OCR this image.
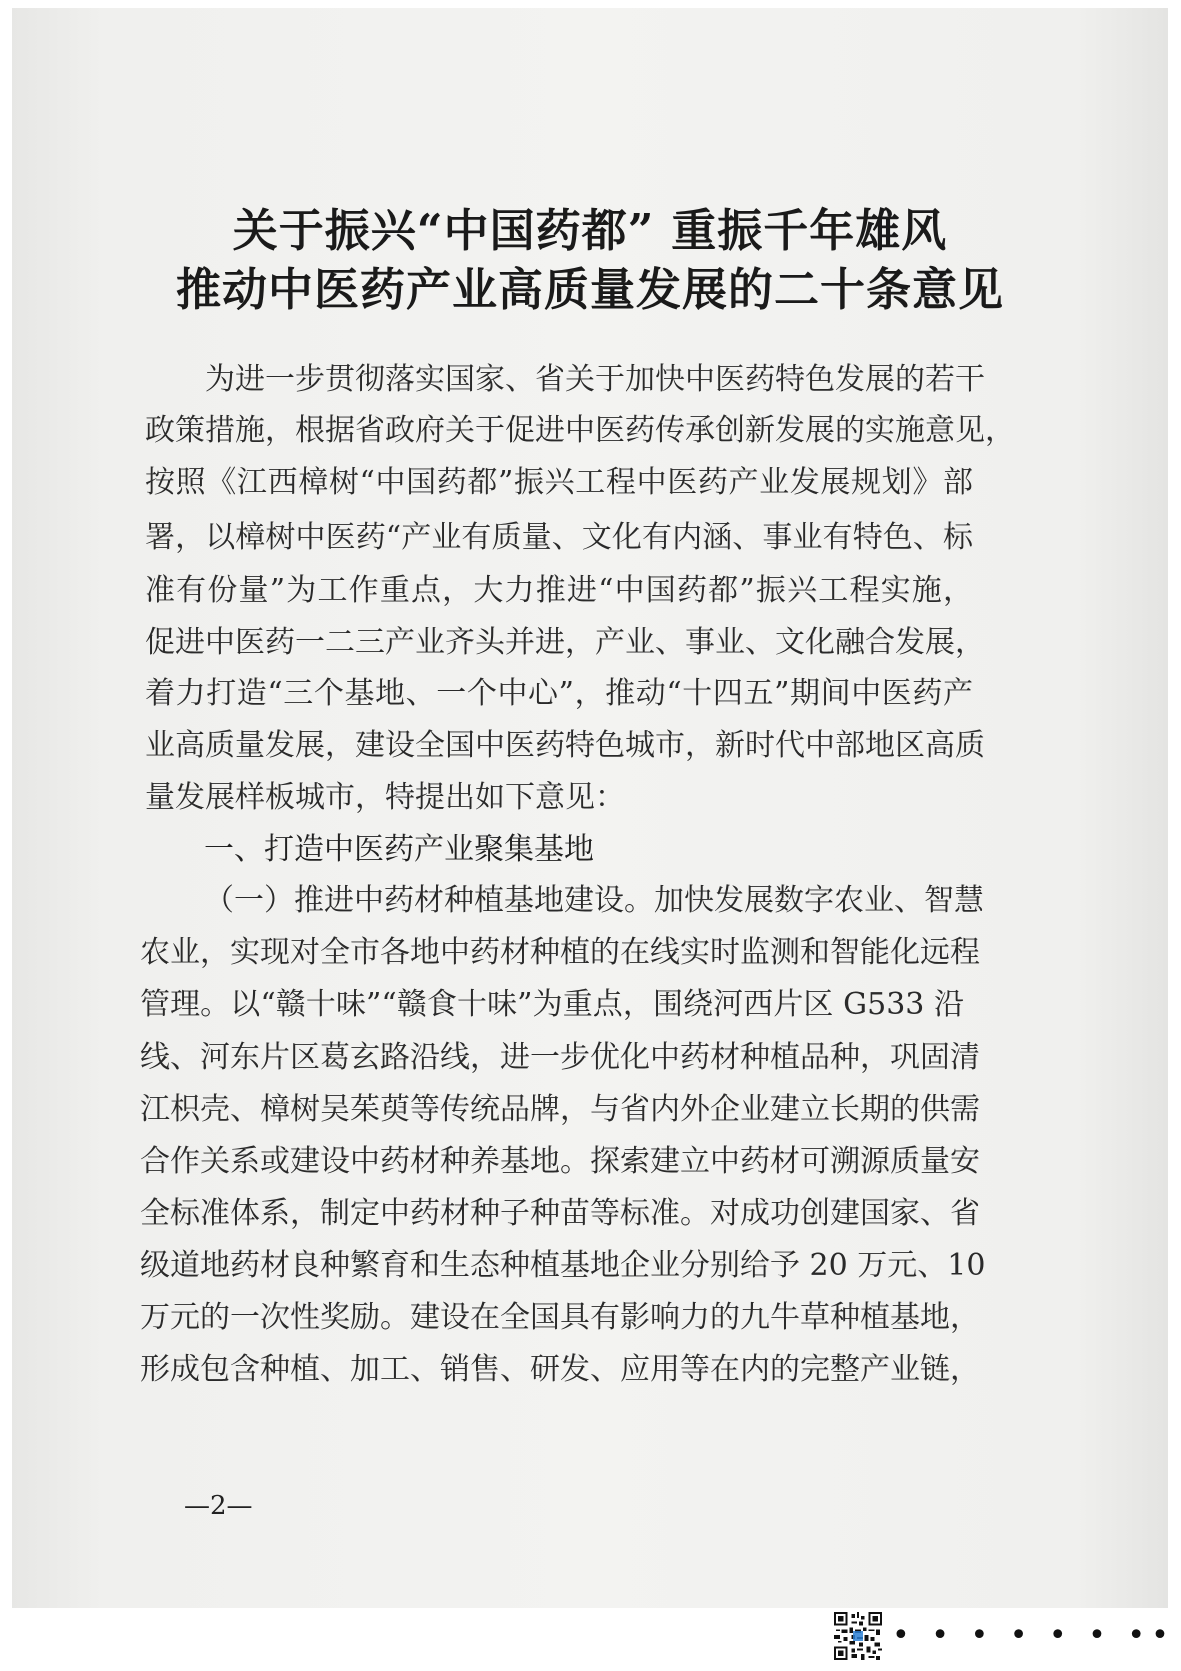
关于振兴“中国药都” 重振千年雄风
推动中医药产业高质量发展的二十条意见
为进一步贯彻落实国家、省关于加快中医药特色发展的若干
政策措施，根据省政府关于促进中医药传承创新发展的实施意见，
按照《江西樟树“中国药都”振兴工程中医药产业发展规划》部
署，以樟树中医药“产业有质量、文化有内涵、事业有特色、标
准有份量”为工作重点，大力推进“中国药都”振兴工程实施，
促进中医药一二三产业齐头并进，产业、事业、文化融合发展，
着力打造“三个基地、一个中心”，推动“十四五”期间中医药产
业高质量发展，建设全国中医药特色城市，新时代中部地区高质
量发展样板城市，特提出如下意见：
一、打造中医药产业聚集基地
（一）推进中药材种植基地建设。加快发展数字农业、智慧
农业，实现对全市各地中药材种植的在线实时监测和智能化远程
管理。以“赣十味”“赣食十味”为重点，围绕河西片区 G533 沿
线、河东片区葛玄路沿线，进一步优化中药材种植品种，巩固清
江枳壳、樟树吴茱萸等传统品牌，与省内外企业建立长期的供需
合作关系或建设中药材种养基地。探索建立中药材可溯源质量安
全标准体系，制定中药材种子种苗等标准。对成功创建国家、省
级道地药材良种繁育和生态种植基地企业分别给予 20 万元、10
万元的一次性奖励。建设在全国具有影响力的九牛草种植基地，
形成包含种植、加工、销售、研发、应用等在内的完整产业链，
—2—
• • • • • • ••
